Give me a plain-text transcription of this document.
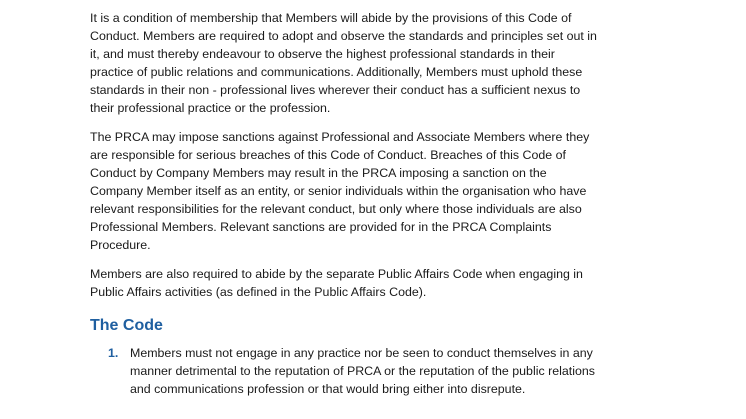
It is a condition of membership that Members will abide by the provisions of this Code of
Conduct. Members are required to adopt and observe the standards and principles set out in
it, and must thereby endeavour to observe the highest professional standards in their
practice of public relations and communications. Additionally, Members must uphold these
standards in their non - professional lives wherever their conduct has a sufficient nexus to
their professional practice or the profession.

The PRCA may impose sanctions against Professional and Associate Members where they
are responsible for serious breaches of this Code of Conduct. Breaches of this Code of
Conduct by Company Members may result in the PRCA imposing a sanction on the
Company Member itself as an entity, or senior individuals within the organisation who have
relevant responsibilities for the relevant conduct, but only where those individuals are also
Professional Members. Relevant sanctions are provided for in the PRCA Complaints
Procedure.

Members are also required to abide by the separate Public Affairs Code when engaging in
Public Affairs activities (as defined in the Public Affairs Code).

The Code
1. Members must not engage in any practice nor be seen to conduct themselves in any
manner detrimental to the reputation of PRCA or the reputation of the public relations
and communications profession or that would bring either into disrepute.
